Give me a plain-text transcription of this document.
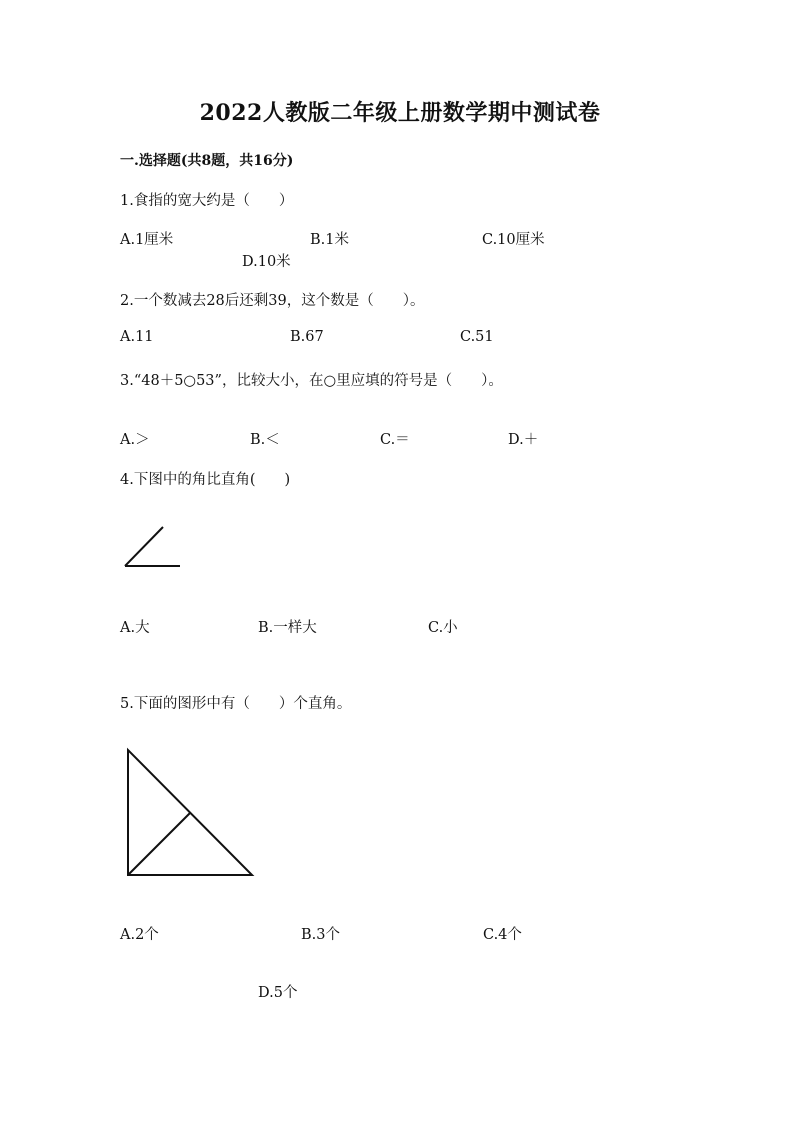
2022人教版二年级上册数学期中测试卷
一.选择题(共8题，共16分)
1.食指的宽大约是（　　）
A.1厘米	B.1米	C.10厘米
D.10米
2.一个数减去28后还剩39，这个数是（　　）。
A.11	B.67	C.51
3.“48＋5○53”，比较大小，在○里应填的符号是（　　）。
A.＞	B.＜	C.＝	D.＋
4.下图中的角比直角(　　)
A.大	B.一样大	C.小
5.下面的图形中有（　　）个直角。
A.2个	B.3个	C.4个
D.5个
